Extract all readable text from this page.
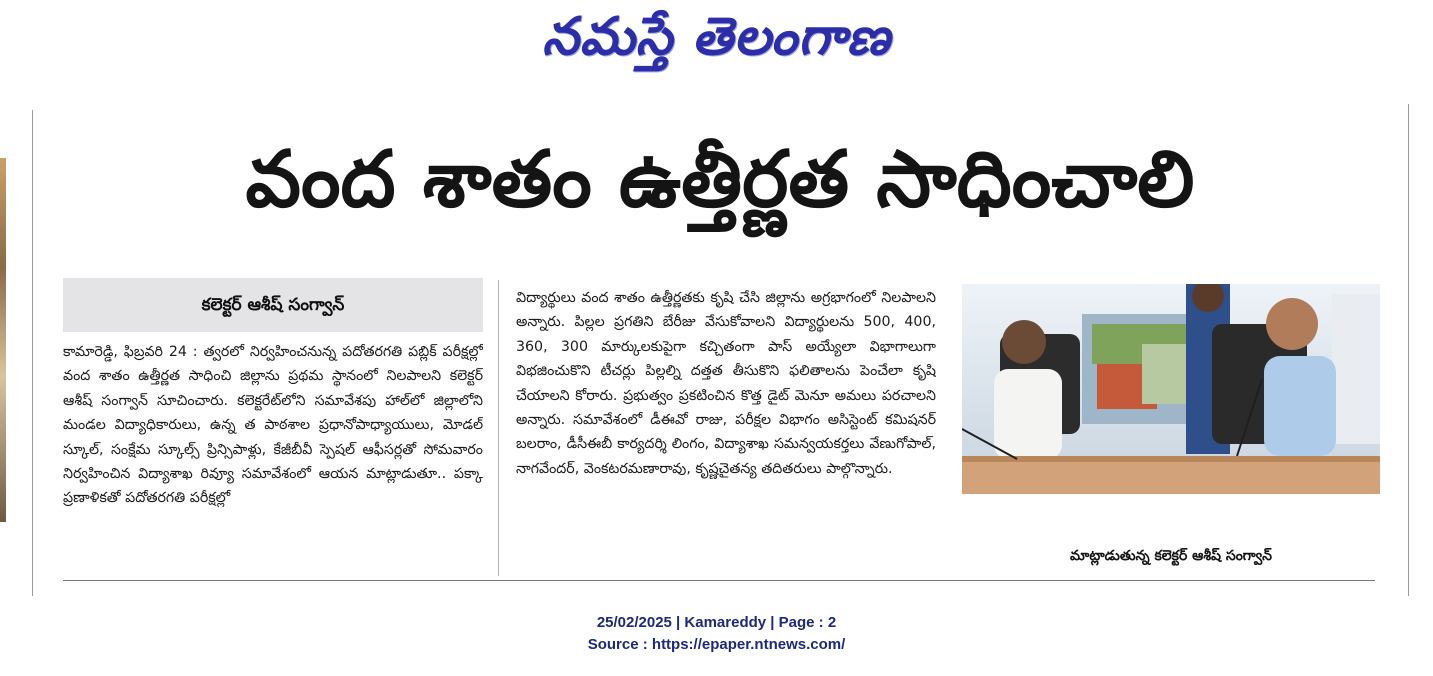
నమస్తే తెలంగాణ
వంద శాతం ఉత్తీర్ణత సాధించాలి
కలెక్టర్ ఆశీష్ సంగ్వాన్

కామారెడ్డి, ఫిబ్రవరి 24 : త్వరలో నిర్వహించనున్న పదోతరగతి పబ్లిక్ పరీక్షల్లో వంద శాతం ఉత్తీర్ణత సాధించి జిల్లాను ప్రథమ స్థానంలో నిలపాలని కలెక్టర్ ఆశీష్ సంగ్వాన్ సూచించారు. కలెక్టరేట్‌లోని సమావేశపు హాల్‌లో జిల్లాలోని మండల విద్యాధికారులు, ఉన్న త పాఠశాల ప్రధానోపాధ్యాయులు, మోడల్ స్కూల్, సంక్షేమ స్కూల్స్ ప్రిన్సిపాళ్లు, కేజీబీవీ స్పెషల్ ఆఫీసర్లతో సోమవారం నిర్వహించిన విద్యాశాఖ రివ్యూ సమావేశంలో ఆయన మాట్లాడుతూ.. పక్కా ప్రణాళికతో పదోతరగతి పరీక్షల్లో

విద్యార్థులు వంద శాతం ఉత్తీర్ణతకు కృషి చేసి జిల్లాను అగ్రభాగంలో నిలపాలని అన్నారు. పిల్లల ప్రగతిని బేరీజు వేసుకోవాలని విద్యార్థులను 500, 400, 360, 300 మార్కులకుపైగా కచ్చితంగా పాస్ అయ్యేలా విభాగాలుగా విభజించుకొని టీచర్లు పిల్లల్ని దత్తత తీసుకొని ఫలితాలను పెంచేలా కృషి చేయాలని కోరారు. ప్రభుత్వం ప్రకటించిన కొత్త డైట్ మెనూ అమలు పరచాలని అన్నారు. సమావేశంలో డీఈవో రాజు, పరీక్షల విభాగం అసిస్టెంట్ కమిషనర్ బలరాం, డీసీఈబీ కార్యదర్శి లింగం, విద్యాశాఖ సమన్వయకర్తలు వేణుగోపాల్, నాగవేందర్, వెంకటరమణారావు, కృష్ణచైతన్య తదితరులు పాల్గొన్నారు.

మాట్లాడుతున్న కలెక్టర్ ఆశీష్ సంగ్వాన్
25/02/2025 | Kamareddy | Page : 2
Source : https://epaper.ntnews.com/
